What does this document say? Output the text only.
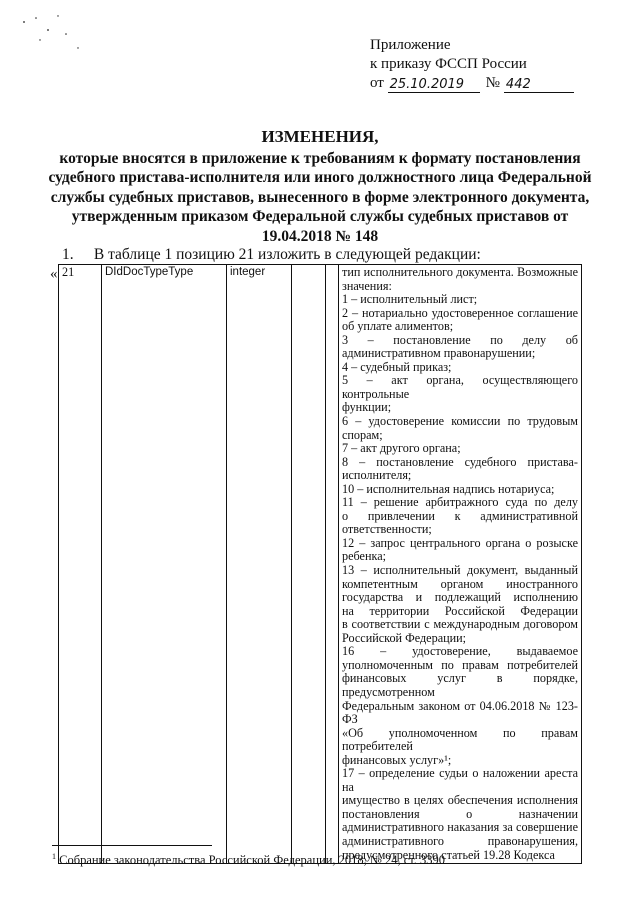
Приложение
к приказу ФССП России
от
25.10.2019	№ 442
ИЗМЕНЕНИЯ,
которые вносятся в приложение к требованиям к формату постановления судебного пристава-исполнителя или иного должностного лица Федеральной службы судебных приставов, вынесенного в форме электронного документа, утвержденным приказом Федеральной службы судебных приставов от 19.04.2018 № 148
1. В таблице 1 позицию 21 изложить в следующей редакции:
« 21	DIdDocTypeType	integer			тип исполнительного документа. Возможные
значения:
1 – исполнительный лист;
2 – нотариально удостоверенное соглашение
об уплате алиментов;
3 – постановление по делу об
административном правонарушении;
4 – судебный приказ;
5 – акт органа, осуществляющего контрольные
функции;
6 – удостоверение комиссии по трудовым
спорам;
7 – акт другого органа;
8 – постановление судебного пристава-
исполнителя;
10 – исполнительная надпись нотариуса;
11 – решение арбитражного суда по делу
о привлечении к административной
ответственности;
12 – запрос центрального органа о розыске
ребенка;
13 – исполнительный документ, выданный
компетентным органом иностранного
государства и подлежащий исполнению
на территории Российской Федерации
в соответствии с международным договором
Российской Федерации;
16 – удостоверение, выдаваемое
уполномоченным по правам потребителей
финансовых услуг в порядке, предусмотренном
Федеральным законом от 04.06.2018 № 123-ФЗ
«Об уполномоченном по правам потребителей
финансовых услуг»¹;
17 – определение судьи о наложении ареста на
имущество в целях обеспечения исполнения
постановления о назначении
административного наказания за совершение
административного правонарушения,
предусмотренного статьей 19.28 Кодекса
$^1$ Собрание законодательства Российской Федерации, 2018, № 24, ст. 3390
